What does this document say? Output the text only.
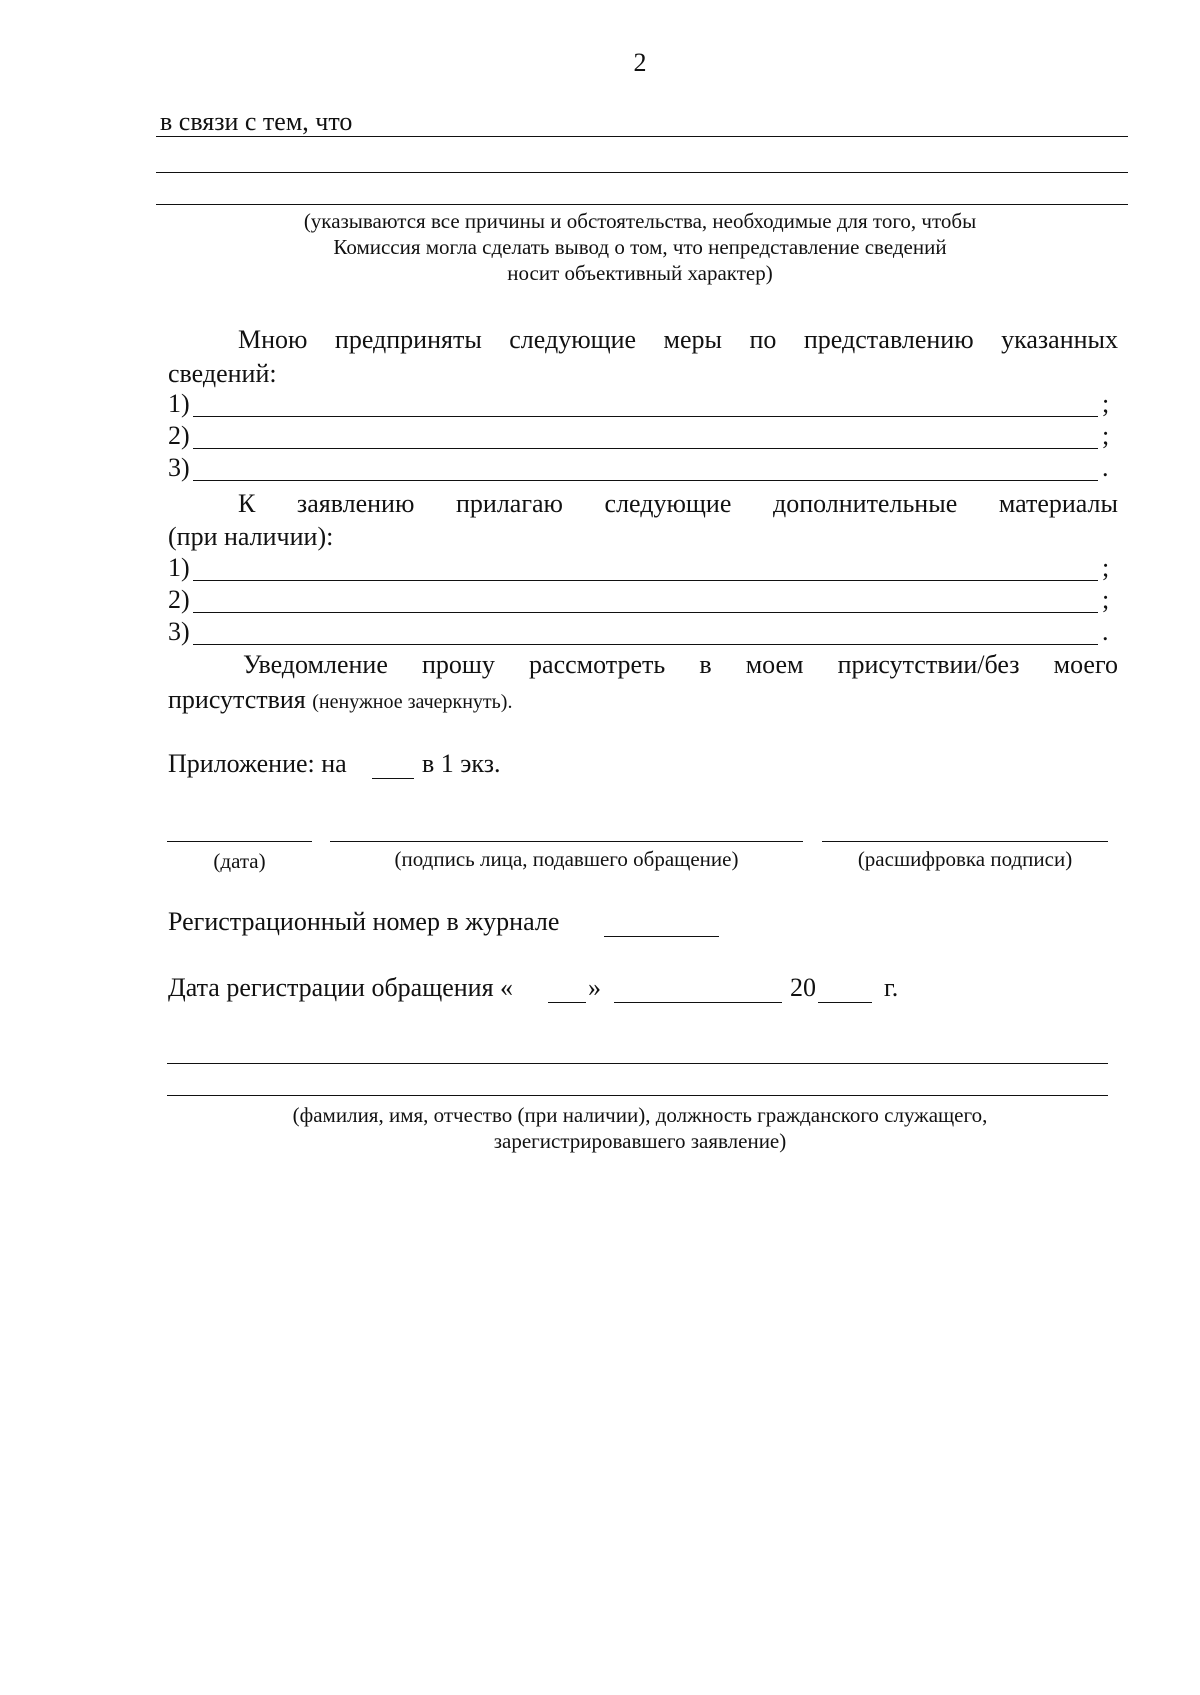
2
в связи с тем, что
(указываются все причины и обстоятельства, необходимые для того, чтобы
Комиссия могла сделать вывод о том, что непредставление сведений
носит объективный характер)
Мною предприняты следующие меры по представлению указанных
сведений:
1)	;
2)	;
3)	.
К заявлению прилагаю следующие дополнительные материалы
(при наличии):
1)	;
2)	;
3)	.
Уведомление прошу рассмотреть в моем присутствии/без моего
присутствия (ненужное зачеркнуть).
Приложение: на	в 1 экз.
(дата)	(подпись лица, подавшего обращение)	(расшифровка подписи)
Регистрационный номер в журнале
Дата регистрации обращения «	»	20	г.
(фамилия, имя, отчество (при наличии), должность гражданского служащего,
зарегистрировавшего заявление)
